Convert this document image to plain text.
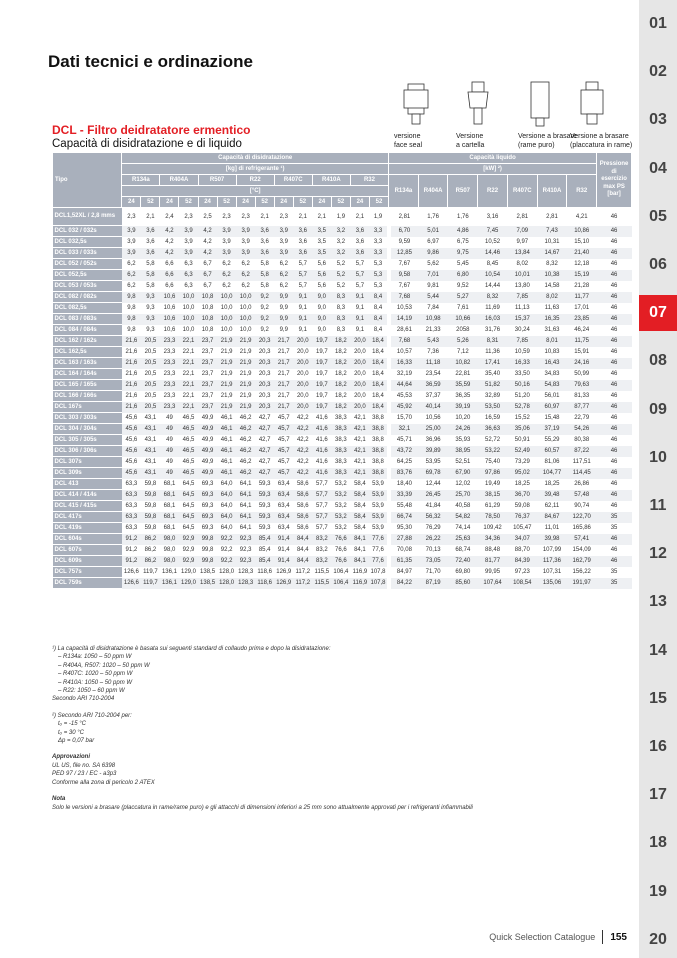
Dati tecnici e ordinazione
01
02
03
04
05
06
07
08
09
10
11
12
13
14
15
16
17
18
19
20
DCL - Filtro deidratatore ermentico
Capacità di disidratazione e di liquido
versione
face seal
Versione
a cartella
Versione a brasare
(rame puro)
Versione a brasare
(placcatura in rame)
Tipo	Capacità di disidratazione														Capacità liquido							Pressione di esercizio max PS [bar]
	[kg] di refrigerante ¹)														[kW] ²)							
	R134a		R404A		R507		R22		R407C		R410A		R32		R134a	R404A	R507	R22	R407C	R410A	R32	
	[°C]																					
	24	52	24	52	24	52	24	52	24	52	24	52	24	52								
DCL1,52XL / 2,8 mms	2,3	2,1	2,4	2,3	2,5	2,3	2,3	2,1	2,3	2,1	2,1	1,9	2,1	1,9	2,81	1,76	1,76	3,16	2,81	2,81	4,21	46
DCL 032 / 032s	3,9	3,6	4,2	3,9	4,2	3,9	3,9	3,6	3,9	3,6	3,5	3,2	3,6	3,3	6,70	5,01	4,86	7,45	7,09	7,43	10,86	46
DCL 032,5s	3,9	3,6	4,2	3,9	4,2	3,9	3,9	3,6	3,9	3,6	3,5	3,2	3,6	3,3	9,59	6,97	6,75	10,52	9,97	10,31	15,10	46
DCL 033 / 033s	3,9	3,6	4,2	3,9	4,2	3,9	3,9	3,6	3,9	3,6	3,5	3,2	3,6	3,3	12,85	9,86	9,75	14,46	13,84	14,67	21,40	46
DCL 052 / 052s	6,2	5,8	6,6	6,3	6,7	6,2	6,2	5,8	6,2	5,7	5,6	5,2	5,7	5,3	7,67	5,62	5,45	8,45	8,02	8,32	12,18	46
DCL 052,5s	6,2	5,8	6,6	6,3	6,7	6,2	6,2	5,8	6,2	5,7	5,6	5,2	5,7	5,3	9,58	7,01	6,80	10,54	10,01	10,38	15,19	46
DCL 053 / 053s	6,2	5,8	6,6	6,3	6,7	6,2	6,2	5,8	6,2	5,7	5,6	5,2	5,7	5,3	7,67	9,81	9,52	14,44	13,80	14,58	21,28	46
DCL 082 / 082s	9,8	9,3	10,6	10,0	10,8	10,0	10,0	9,2	9,9	9,1	9,0	8,3	9,1	8,4	7,68	5,44	5,27	8,32	7,85	8,02	11,77	46
DCL 082,5s	9,8	9,3	10,6	10,0	10,8	10,0	10,0	9,2	9,9	9,1	9,0	8,3	9,1	8,4	10,53	7,84	7,61	11,69	11,13	11,63	17,01	46
DCL 083 / 083s	9,8	9,3	10,6	10,0	10,8	10,0	10,0	9,2	9,9	9,1	9,0	8,3	9,1	8,4	14,19	10,98	10,66	16,03	15,37	16,35	23,85	46
DCL 084 / 084s	9,8	9,3	10,6	10,0	10,8	10,0	10,0	9,2	9,9	9,1	9,0	8,3	9,1	8,4	28,61	21,33	2058	31,76	30,24	31,63	46,24	46
DCL 162 / 162s	21,6	20,5	23,3	22,1	23,7	21,9	21,9	20,3	21,7	20,0	19,7	18,2	20,0	18,4	7,68	5,43	5,26	8,31	7,85	8,01	11,75	46
DCL 162,5s	21,6	20,5	23,3	22,1	23,7	21,9	21,9	20,3	21,7	20,0	19,7	18,2	20,0	18,4	10,57	7,36	7,12	11,36	10,59	10,83	15,91	46
DCL 163 / 163s	21,6	20,5	23,3	22,1	23,7	21,9	21,9	20,3	21,7	20,0	19,7	18,2	20,0	18,4	16,33	11,18	10,82	17,41	16,33	16,43	24,16	46
DCL 164 / 164s	21,6	20,5	23,3	22,1	23,7	21,9	21,9	20,3	21,7	20,0	19,7	18,2	20,0	18,4	32,19	23,54	22,81	35,40	33,50	34,83	50,99	46
DCL 165 / 165s	21,6	20,5	23,3	22,1	23,7	21,9	21,9	20,3	21,7	20,0	19,7	18,2	20,0	18,4	44,64	36,59	35,59	51,82	50,16	54,83	79,63	46
DCL 166 / 166s	21,6	20,5	23,3	22,1	23,7	21,9	21,9	20,3	21,7	20,0	19,7	18,2	20,0	18,4	45,53	37,37	36,35	32,89	51,20	56,01	81,33	46
DCL 167s	21,6	20,5	23,3	22,1	23,7	21,9	21,9	20,3	21,7	20,0	19,7	18,2	20,0	18,4	45,92	40,14	39,19	53,50	52,78	60,97	87,77	46
DCL 303 / 303s	45,6	43,1	49	46,5	49,9	46,1	46,2	42,7	45,7	42,2	41,6	38,3	42,1	38,8	15,70	10,56	10,20	16,59	15,52	15,48	22,79	46
DCL 304 / 304s	45,6	43,1	49	46,5	49,9	46,1	46,2	42,7	45,7	42,2	41,6	38,3	42,1	38,8	32,1	25,00	24,26	36,63	35,06	37,19	54,26	46
DCL 305 / 305s	45,6	43,1	49	46,5	49,9	46,1	46,2	42,7	45,7	42,2	41,6	38,3	42,1	38,8	45,71	36,96	35,93	52,72	50,91	55,29	80,38	46
DCL 306 / 306s	45,6	43,1	49	46,5	49,9	46,1	46,2	42,7	45,7	42,2	41,6	38,3	42,1	38,8	43,72	39,89	38,95	53,22	52,49	60,57	87,22	46
DCL 307s	45,6	43,1	49	46,5	49,9	46,1	46,2	42,7	45,7	42,2	41,6	38,3	42,1	38,8	64,25	53,95	52,51	75,40	73,29	81,06	117,51	46
DCL 309s	45,6	43,1	49	46,5	49,9	46,1	46,2	42,7	45,7	42,2	41,6	38,3	42,1	38,8	83,76	69,78	67,90	97,86	95,02	104,77	114,45	46
DCL 413	63,3	59,8	68,1	64,5	69,3	64,0	64,1	59,3	63,4	58,6	57,7	53,2	58,4	53,9	18,40	12,44	12,02	19,49	18,25	18,25	26,86	46
DCL 414 / 414s	63,3	59,8	68,1	64,5	69,3	64,0	64,1	59,3	63,4	58,6	57,7	53,2	58,4	53,9	33,39	26,45	25,70	38,15	36,70	39,48	57,48	46
DCL 415 / 415s	63,3	59,8	68,1	64,5	69,3	64,0	64,1	59,3	63,4	58,6	57,7	53,2	58,4	53,9	55,48	41,84	40,58	61,29	59,08	62,11	90,74	46
DCL 417s	63,3	59,8	68,1	64,5	69,3	64,0	64,1	59,3	63,4	58,6	57,7	53,2	58,4	53,9	66,74	56,32	54,82	78,50	76,37	84,67	122,70	35
DCL 419s	63,3	59,8	68,1	64,5	69,3	64,0	64,1	59,3	63,4	58,6	57,7	53,2	58,4	53,9	95,30	76,29	74,14	109,42	105,47	11,01	165,86	35
DCL 604s	91,2	86,2	98,0	92,9	99,8	92,2	92,3	85,4	91,4	84,4	83,2	76,6	84,1	77,6	27,88	26,22	25,63	34,36	34,07	39,98	57,41	46
DCL 607s	91,2	86,2	98,0	92,9	99,8	92,2	92,3	85,4	91,4	84,4	83,2	76,6	84,1	77,6	70,08	70,13	68,74	88,48	88,70	107,99	154,09	46
DCL 609s	91,2	86,2	98,0	92,9	99,8	92,2	92,3	85,4	91,4	84,4	83,2	76,6	84,1	77,6	61,35	73,05	72,40	81,77	84,39	117,36	162,79	46
DCL 757s	126,6	119,7	136,1	129,0	138,5	128,0	128,3	118,6	126,9	117,2	115,5	106,4	116,9	107,8	84,97	71,70	69,80	99,95	97,23	107,31	156,22	35
DCL 759s	126,6	119,7	136,1	129,0	138,5	128,0	128,3	118,6	126,9	117,2	115,5	106,4	116,9	107,8	84,22	87,19	85,60	107,64	108,54	135,06	191,97	35
¹) La capacità di disidratazione è basata sui seguenti standard di collaudo prima e dopo la disidratazione:
– R134a: 1050 – 50 ppm W
– R404A, R507: 1020 – 50 ppm W
– R407C: 1020 – 50 ppm W
– R410A: 1050 – 50 ppm W
– R22: 1050 – 60 ppm W
Secondo ARI 710-2004
²) Secondo ARI 710-2004 per:
tₒ = -15 °C
tₒ = 30 °C
Δp = 0,07 bar
Approvazioni
UL US, file no. SA 6398
PED 97 / 23 / EC - a3p3
Conforme alla zona di pericolo 2 ATEX
Nota
Solo le versioni a brasare (placcatura in rame/rame puro) e gli attacchi di dimensioni inferiori a 25 mm sono attualmente approvati per i refrigeranti infiammabili
Quick Selection Catalogue 155
